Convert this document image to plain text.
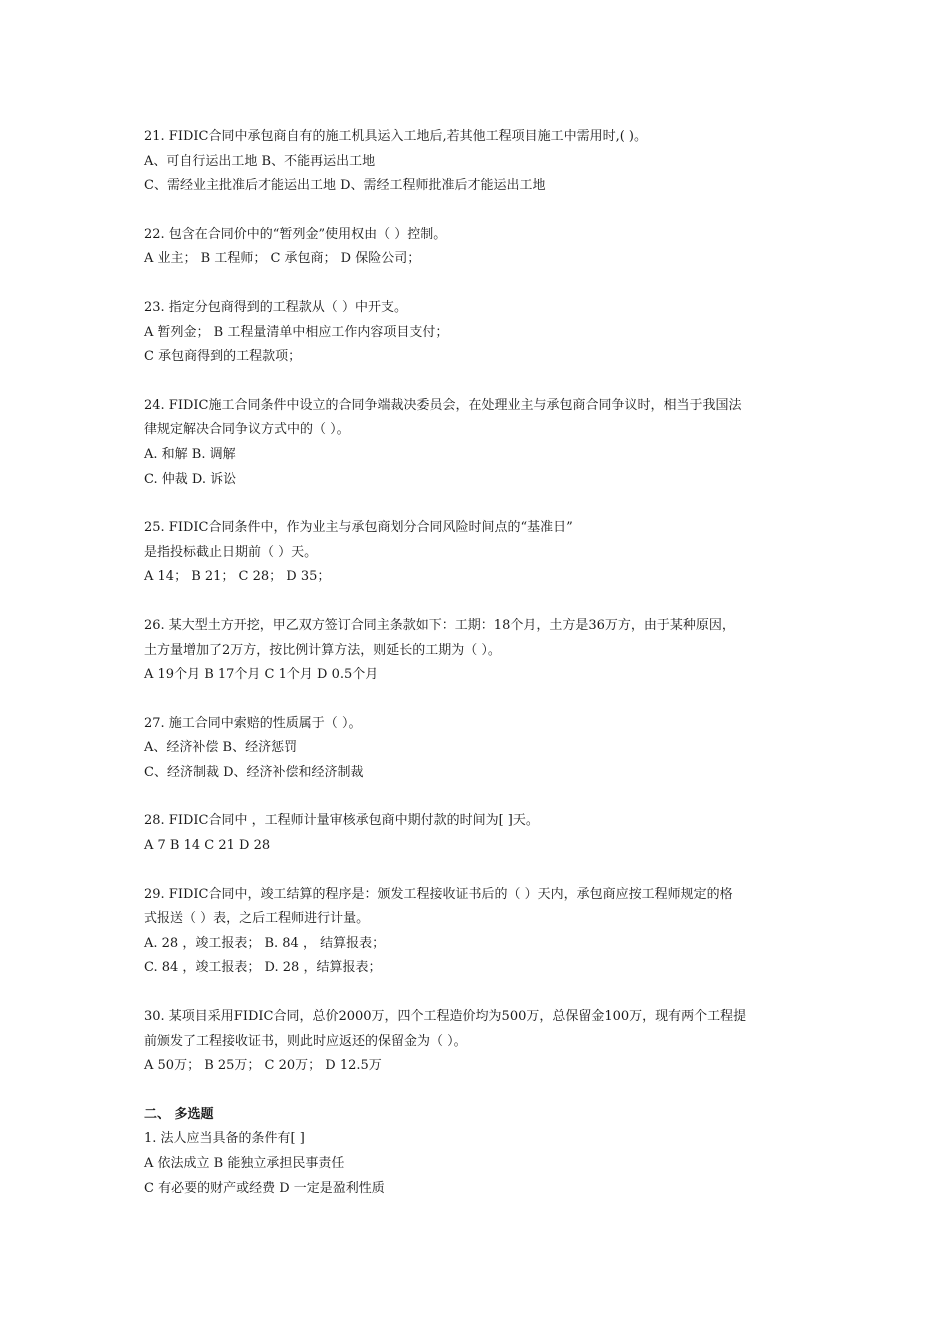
21. FIDIC合同中承包商自有的施工机具运入工地后,若其他工程项目施工中需用时,( )。
A、可自行运出工地 B、不能再运出工地
C、需经业主批准后才能运出工地 D、需经工程师批准后才能运出工地
22. 包含在合同价中的“暂列金”使用权由（ ）控制。
A 业主； B 工程师； C 承包商； D 保险公司；
23. 指定分包商得到的工程款从（ ）中开支。
A 暂列金； B 工程量清单中相应工作内容项目支付；
C 承包商得到的工程款项；
24. FIDIC施工合同条件中设立的合同争端裁决委员会，在处理业主与承包商合同争议时，相当于我国法
律规定解决合同争议方式中的（ ）。
A. 和解 B. 调解
C. 仲裁 D. 诉讼
25. FIDIC合同条件中，作为业主与承包商划分合同风险时间点的“基准日”
是指投标截止日期前（ ）天。
A 14； B 21； C 28； D 35；
26. 某大型土方开挖，甲乙双方签订合同主条款如下：工期：18个月，土方是36万方，由于某种原因，
土方量增加了2万方，按比例计算方法，则延长的工期为（ ）。
A 19个月 B 17个月 C 1个月 D 0.5个月
27. 施工合同中索赔的性质属于（ ）。
A、经济补偿 B、经济惩罚
C、经济制裁 D、经济补偿和经济制裁
28. FIDIC合同中 ，工程师计量审核承包商中期付款的时间为[ ]天。
A 7 B 14 C 21 D 28
29. FIDIC合同中，竣工结算的程序是：颁发工程接收证书后的（ ）天内，承包商应按工程师规定的格
式报送（ ）表，之后工程师进行计量。
A. 28 ，竣工报表； B. 84 ， 结算报表；
C. 84 ，竣工报表； D. 28 ，结算报表；
30. 某项目采用FIDIC合同，总价2000万，四个工程造价均为500万，总保留金100万，现有两个工程提
前颁发了工程接收证书，则此时应返还的保留金为（ ）。
A 50万； B 25万； C 20万； D 12.5万
二、 多选题
1. 法人应当具备的条件有[ ]
A 依法成立 B 能独立承担民事责任
C 有必要的财产或经费 D 一定是盈利性质
